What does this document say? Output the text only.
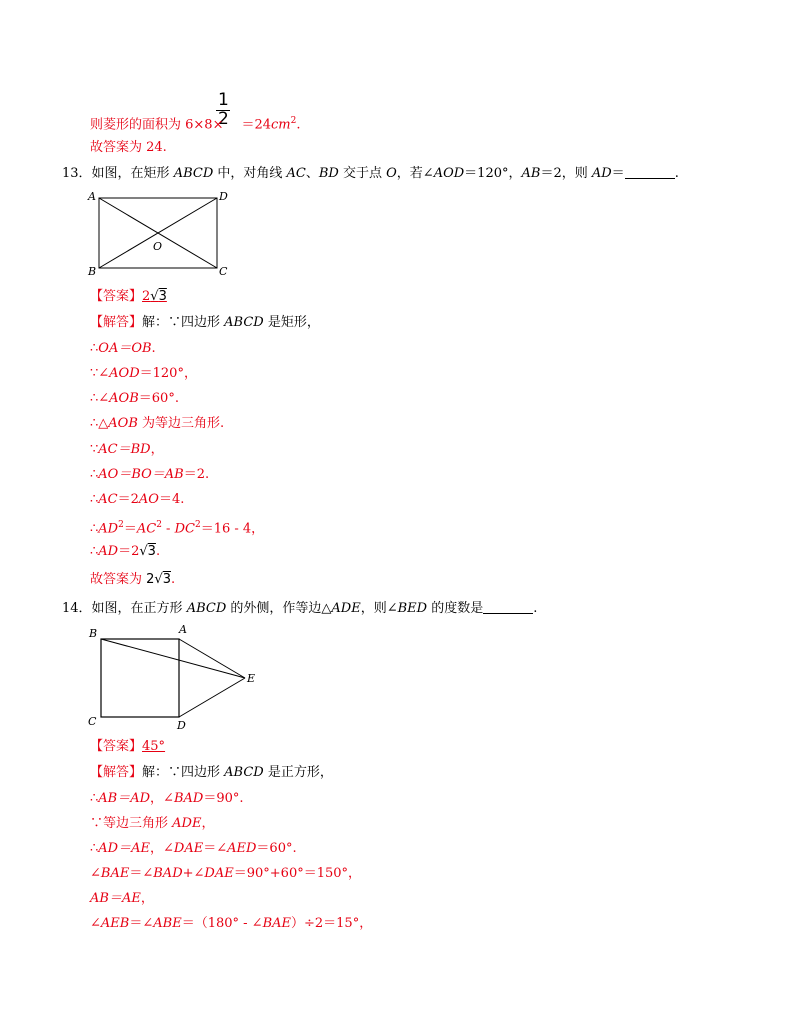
1
2
则菱形的面积为 $6\times 8\times =24cm^2$.
故答案为 24.
13．如图，在矩形 ABCD 中，对角线 AC、BD 交于点 O，若∠AOD＝120°，AB＝2，则 AD＝	.
A	D
B	C
O
【答案】2√3
【解答】解：∵四边形 ABCD 是矩形，
∴OA＝OB.
∵∠AOD＝120°，
∴∠AOB＝60°.
∴△AOB 为等边三角形.
∵AC＝BD，
∴AO＝BO＝AB＝2.
∴AC＝2AO＝4.
$\therefore AD^2=AC^2 - DC^2=16 - 4$，
∴AD＝2√3.
故答案为 2√3.
14．如图，在正方形 ABCD 的外侧，作等边△ADE，则∠BED 的度数是	.
B	A
E
C	D
【答案】45°
【解答】解：∵四边形 ABCD 是正方形，
∴AB＝AD，∠BAD＝90°.
∵等边三角形 ADE，
∴AD＝AE，∠DAE＝∠AED＝60°.
∠BAE＝∠BAD+∠DAE＝90°+60°＝150°，
AB＝AE，
∠AEB＝∠ABE＝（180° - ∠BAE）÷2＝15°，
